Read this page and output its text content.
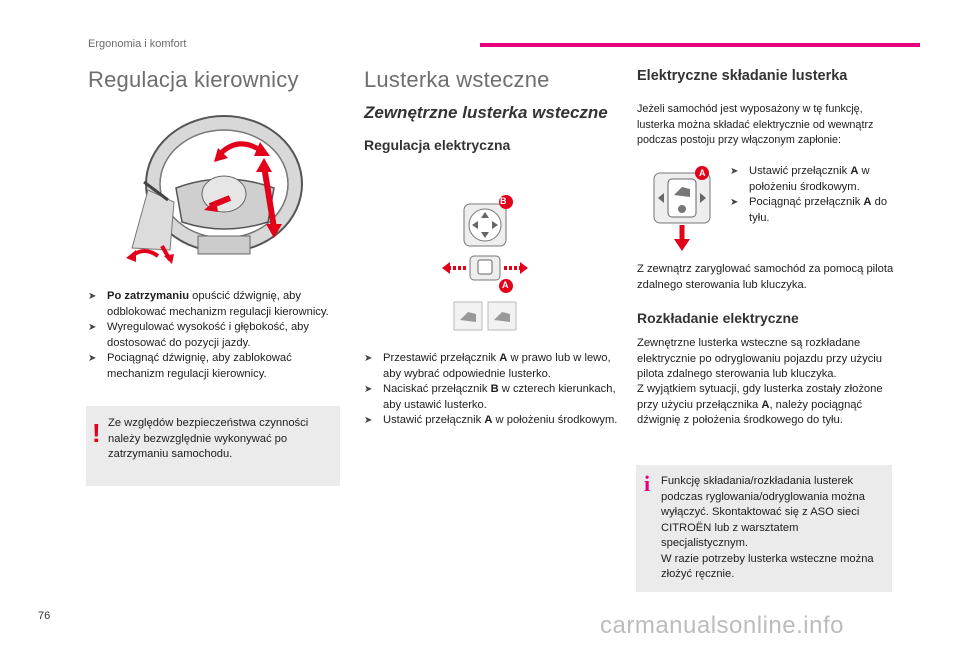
Ergonomia i komfort
Regulacja kierownicy
➤ Po zatrzymaniu opuścić dźwignię, aby odblokować mechanizm regulacji kierownicy.
➤ Wyregulować wysokość i głębokość, aby dostosować do pozycji jazdy.
➤ Pociągnąć dźwignię, aby zablokować mechanizm regulacji kierownicy.
! Ze względów bezpieczeństwa czynności należy bezwzględnie wykonywać po zatrzymaniu samochodu.
Lusterka wsteczne
Zewnętrzne lusterka wsteczne
Regulacja elektryczna
B
A
➤ Przestawić przełącznik A w prawo lub w lewo, aby wybrać odpowiednie lusterko.
➤ Naciskać przełącznik B w czterech kierunkach, aby ustawić lusterko.
➤ Ustawić przełącznik A w położeniu środkowym.
Elektryczne składanie lusterka
Jeżeli samochód jest wyposażony w tę funkcję, lusterka można składać elektrycznie od wewnątrz podczas postoju przy włączonym zapłonie:
A ➤ Ustawić przełącznik A w położeniu środkowym.
➤ Pociągnąć przełącznik A do tyłu.
Z zewnątrz zaryglować samochód za pomocą pilota zdalnego sterowania lub kluczyka.
Rozkładanie elektryczne
Zewnętrzne lusterka wsteczne są rozkładane elektrycznie po odryglowaniu pojazdu przy użyciu pilota zdalnego sterowania lub kluczyka.
Z wyjątkiem sytuacji, gdy lusterka zostały złożone przy użyciu przełącznika A, należy pociągnąć dźwignię z położenia środkowego do tyłu.
i Funkcję składania/rozkładania lusterek podczas ryglowania/odryglowania można wyłączyć. Skontaktować się z ASO sieci CITROËN lub z warsztatem specjalistycznym.
W razie potrzeby lusterka wsteczne można złożyć ręcznie.
76	carmanualsonline.info
